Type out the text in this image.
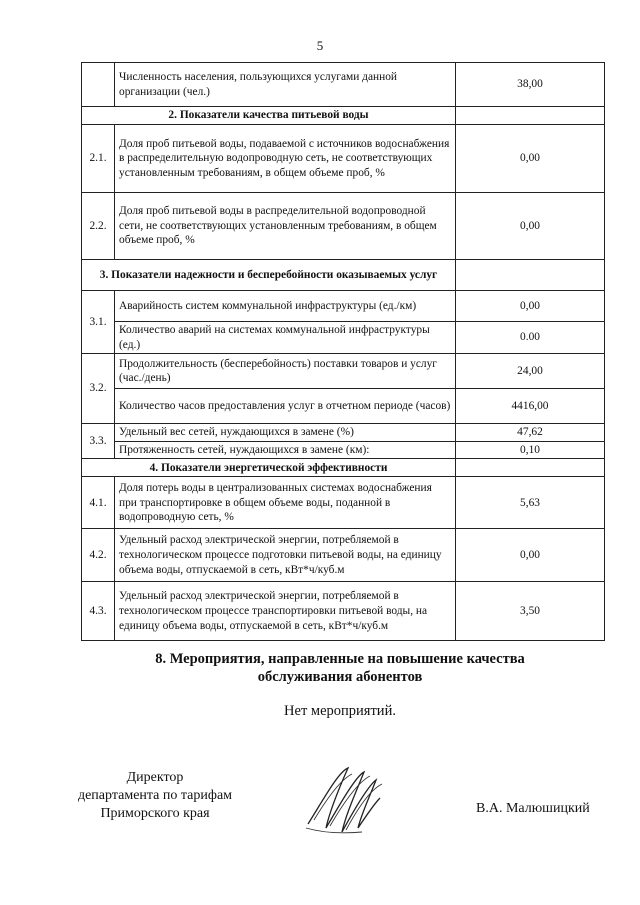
5
	Численность населения, пользующихся услугами данной организации (чел.)	38,00
2. Показатели качества питьевой воды		
2.1.	Доля проб питьевой воды, подаваемой с источников водоснабжения в распределительную водопроводную сеть, не соответствующих установленным требованиям, в общем объеме проб, %	0,00
2.2.	Доля проб питьевой воды в распределительной водопроводной сети, не соответствующих установленным требованиям, в общем объеме проб, %	0,00
3. Показатели надежности и бесперебойности оказываемых услуг		
3.1.	Аварийность систем коммунальной инфраструктуры (ед./км)	0,00
	Количество аварий на системах коммунальной инфраструктуры (ед.)	0.00
3.2.	Продолжительность (бесперебойность) поставки товаров и услуг (час./день)	24,00
	Количество часов предоставления услуг в отчетном периоде (часов)	4416,00
3.3.	Удельный вес сетей, нуждающихся в замене (%)	47,62
	Протяженность сетей, нуждающихся в замене (км):	0,10
4. Показатели энергетической эффективности		
4.1.	Доля потерь воды в централизованных системах водоснабжения при транспортировке в общем объеме воды, поданной в водопроводную сеть, %	5,63
4.2.	Удельный расход электрической энергии, потребляемой в технологическом процессе подготовки питьевой воды, на единицу объема воды, отпускаемой в сеть, кВт*ч/куб.м	0,00
4.3.	Удельный расход электрической энергии, потребляемой в технологическом процессе транспортировки питьевой воды, на единицу объема воды, отпускаемой в сеть, кВт*ч/куб.м	3,50
8. Мероприятия, направленные на повышение качества
обслуживания абонентов
Нет мероприятий.
Директор
департамента по тарифам
Приморского края	В.А. Малюшицкий
